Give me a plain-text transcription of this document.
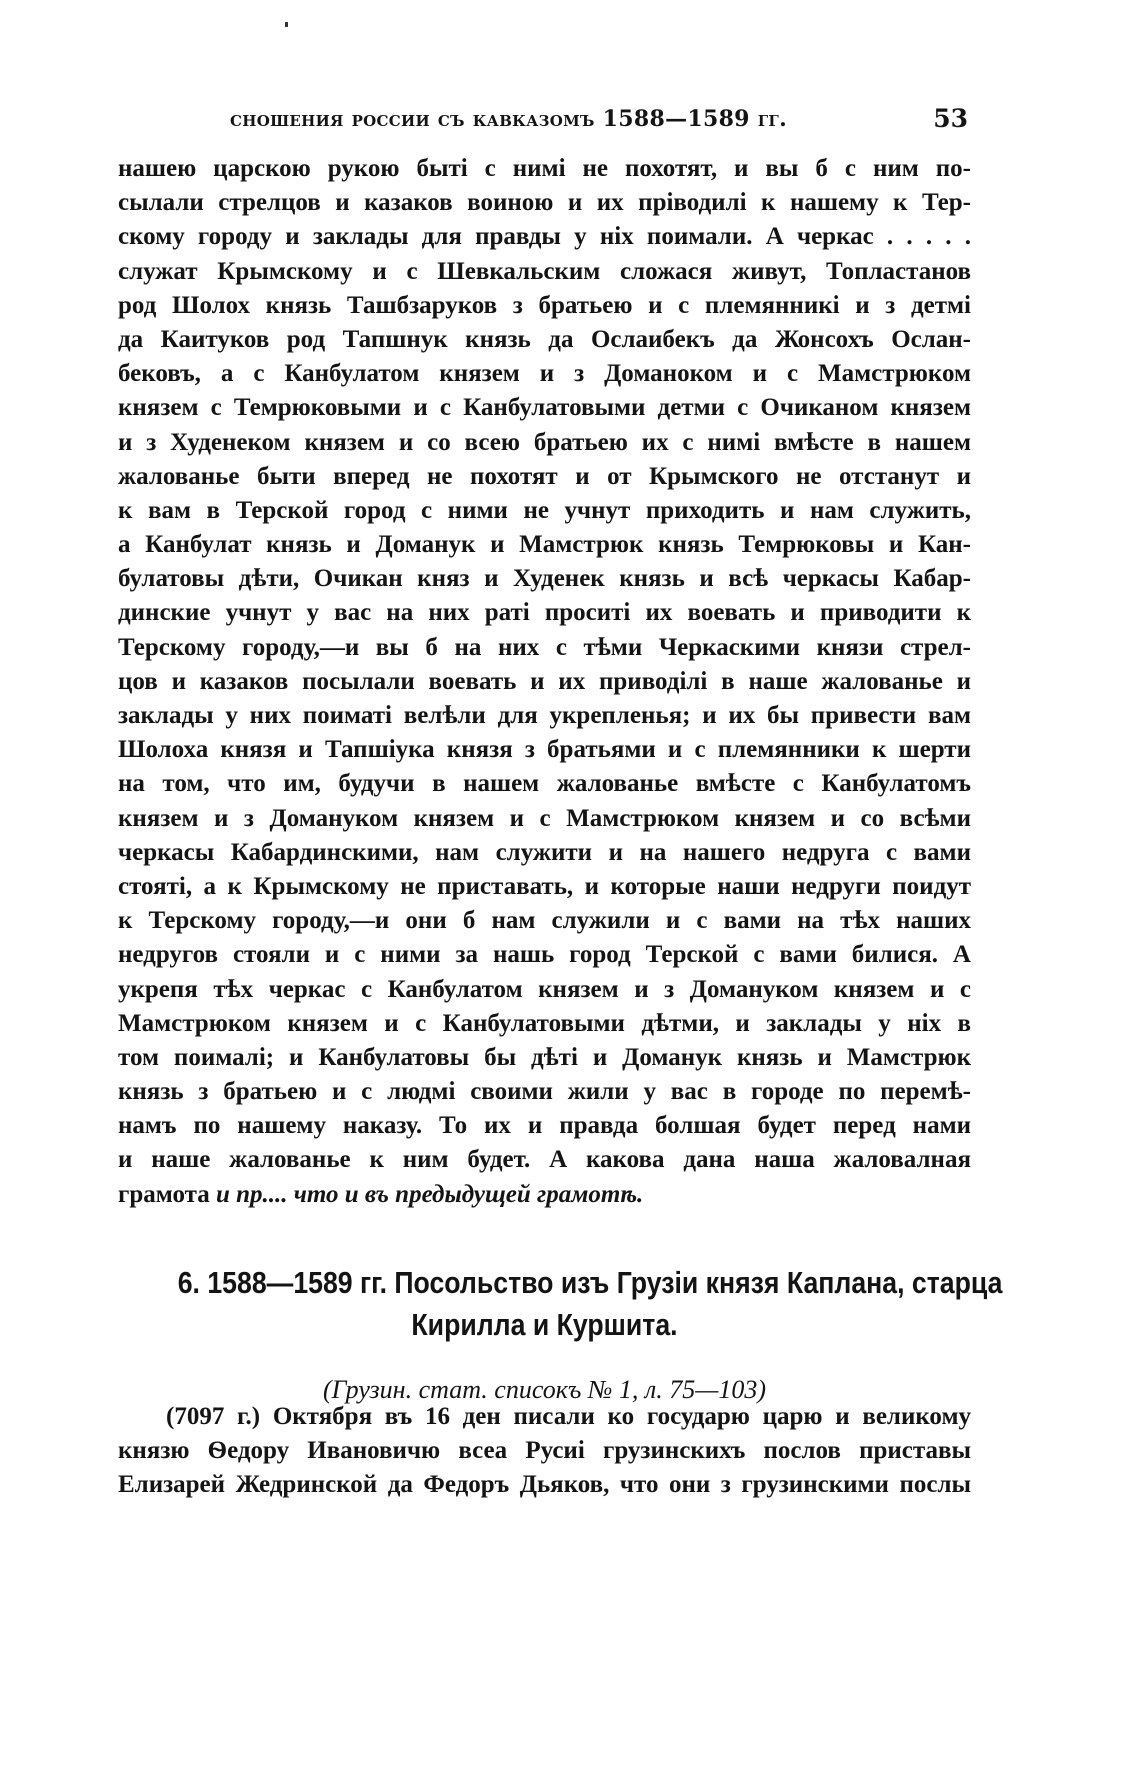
сношения россии съ кавказомъ 1588—1589 гг.	53
нашею царскою рукою быті с нимі не похотят, и вы б с ним по-
сылали стрелцов и казаков воиною и их пріводилі к нашему к Тер-
скому городу и заклады для правды у ніх поимали. А черкас . . . . .
служат Крымскому и с Шевкальским сложася живут, Топластанов
род Шолох князь Ташбзаруков з братьею и с племянникі и з детмі
да Каитуков род Тапшнук князь да Ослаибекъ да Жонсохъ Ослан-
бековъ, а с Канбулатом князем и з Доманоком и с Мамстрюком
князем с Темрюковыми и с Канбулатовыми детми с Очиканом князем
и з Худенеком князем и со всею братьею их с нимі вмѣсте в нашем
жалованье быти вперед не похотят и от Крымского не отстанут и
к вам в Терской город с ними не учнут приходить и нам служить,
а Канбулат князь и Доманук и Мамстрюк князь Темрюковы и Кан-
булатовы дѣти, Очикан княз и Худенек князь и всѣ черкасы Кабар-
динские учнут у вас на них раті проситі их воевать и приводити к
Терскому городу,—и вы б на них с тѣми Черкаскими князи стрел-
цов и казаков посылали воевать и их приводілі в наше жалованье и
заклады у них поиматі велѣли для укрепленья; и их бы привести вам
Шолоха князя и Тапшіука князя з братьями и с племянники к шерти
на том, что им, будучи в нашем жалованье вмѣсте с Канбулатомъ
князем и з Домануком князем и с Мамстрюком князем и со всѣми
черкасы Кабардинскими, нам служити и на нашего недруга с вами
стоятi, а к Крымскому не приставать, и которые наши недруги поидут
к Терскому городу,—и они б нам служили и с вами на тѣх наших
недругов стояли и с ними за нашь город Терской с вами билися. А
укрепя тѣх черкас с Канбулатом князем и з Домануком князем и с
Мамстрюком князем и с Канбулатовыми дѣтми, и заклады у ніх в
том поималі; и Канбулатовы бы дѣті и Доманук князь и Мамстрюк
князь з братьею и с людмі своими жили у вас в городе по перемѣ-
намъ по нашему наказу. То их и правда болшая будет перед нами
и наше жалованье к ним будет. А какова дана наша жаловалная
грамота и пр.... что и въ предыдущей грамотѣ.
6. 1588—1589 гг. Посольство изъ Грузіи князя Каплана, старца
Кирилла и Куршита.
(Грузин. стат. списокъ № 1, л. 75—103)
(7097 г.) Октября въ 16 ден писали ко государю царю и великому
князю Ѳедору Ивановичю всеа Русиі грузинскихъ послов приставы
Елизарей Жедринской да Федоръ Дьяков, что они з грузинскими послы
